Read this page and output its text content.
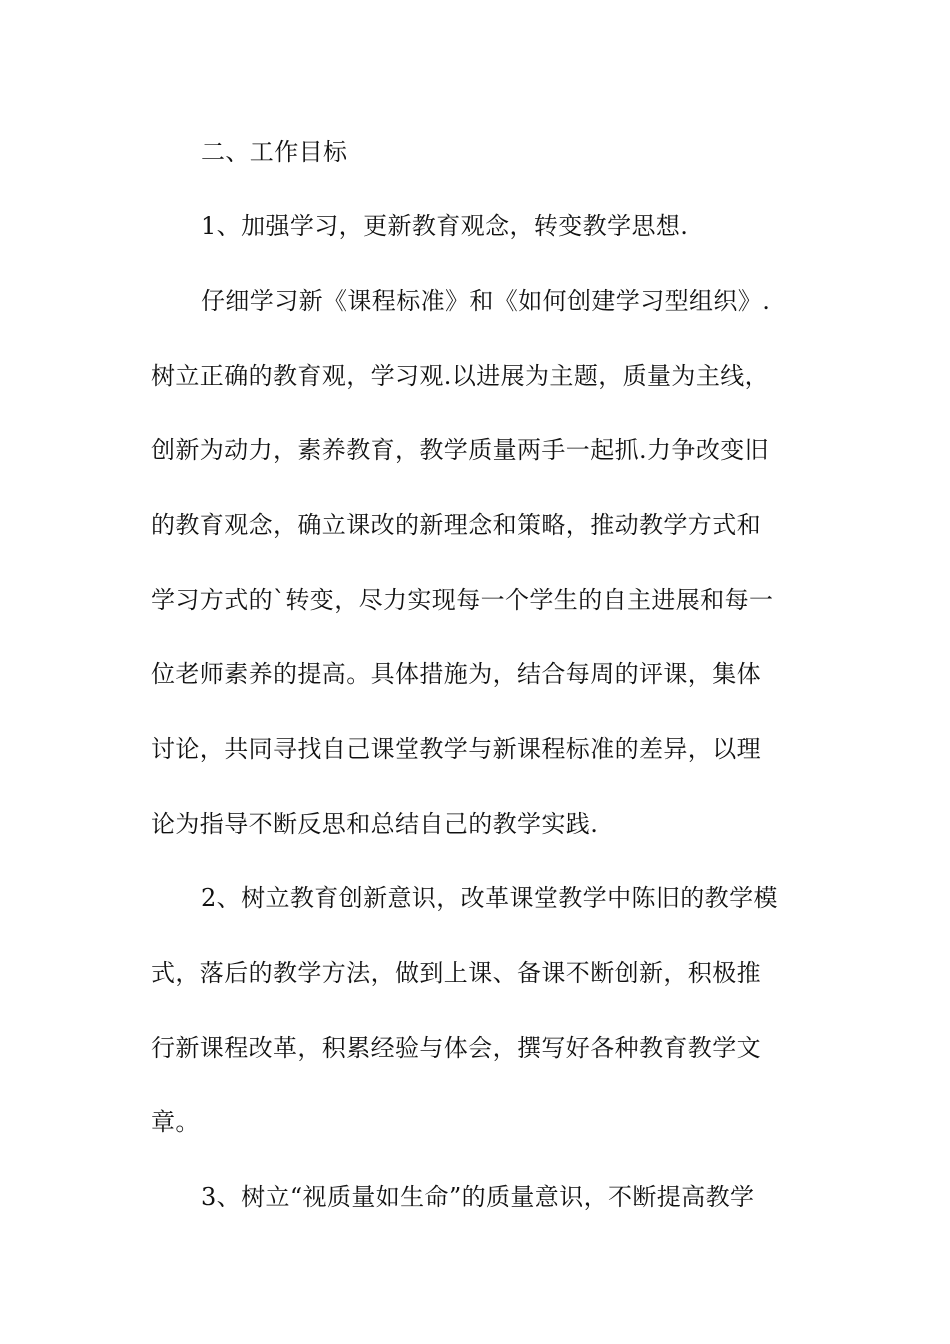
二、工作目标
1、加强学习，更新教育观念，转变教学思想.
仔细学习新《课程标准》和《如何创建学习型组织》.
树立正确的教育观，学习观.以进展为主题，质量为主线，
创新为动力，素养教育，教学质量两手一起抓.力争改变旧
的教育观念，确立课改的新理念和策略，推动教学方式和
学习方式的`转变，尽力实现每一个学生的自主进展和每一
位老师素养的提高。具体措施为，结合每周的评课，集体
讨论，共同寻找自己课堂教学与新课程标准的差异，以理
论为指导不断反思和总结自己的教学实践.
2、树立教育创新意识，改革课堂教学中陈旧的教学模
式，落后的教学方法，做到上课、备课不断创新，积极推
行新课程改革，积累经验与体会，撰写好各种教育教学文
章。
3、树立“视质量如生命”的质量意识，不断提高教学
